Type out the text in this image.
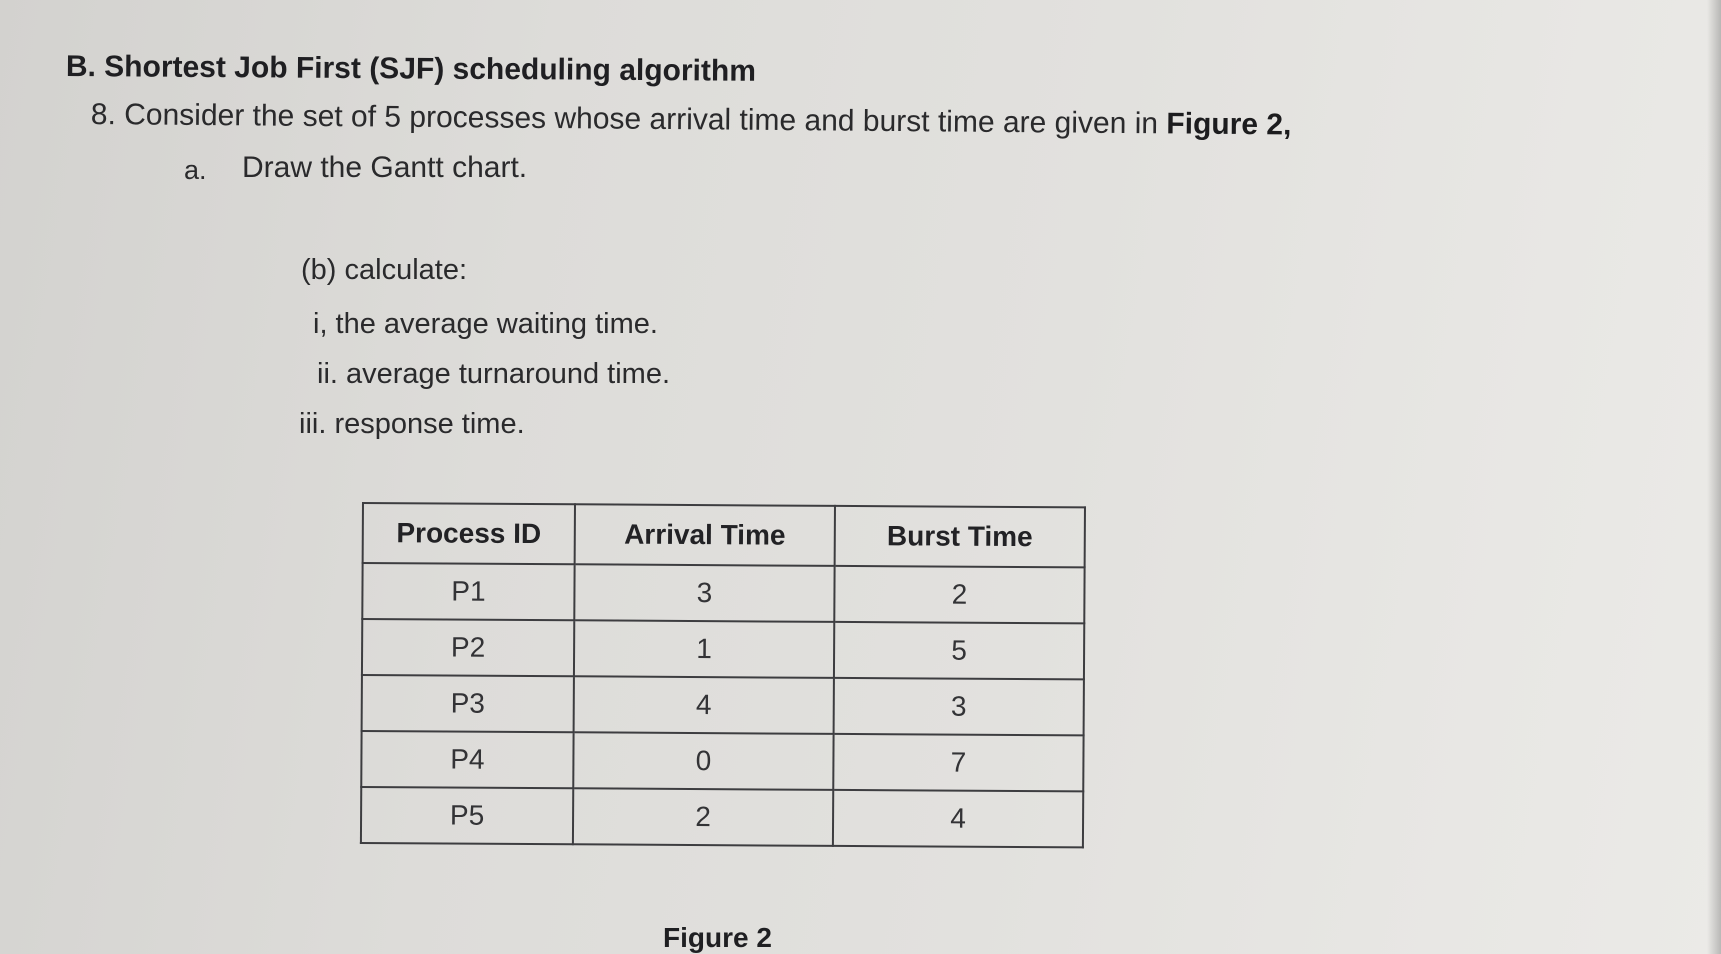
B. Shortest Job First (SJF) scheduling algorithm
8. Consider the set of 5 processes whose arrival time and burst time are given in Figure 2,
a. Draw the Gantt chart.
(b) calculate:
i, the average waiting time.
ii. average turnaround time.
iii. response time.
Process ID	Arrival Time	Burst Time
P1	3	2
P2	1	5
P3	4	3
P4	0	7
P5	2	4
Figure 2
